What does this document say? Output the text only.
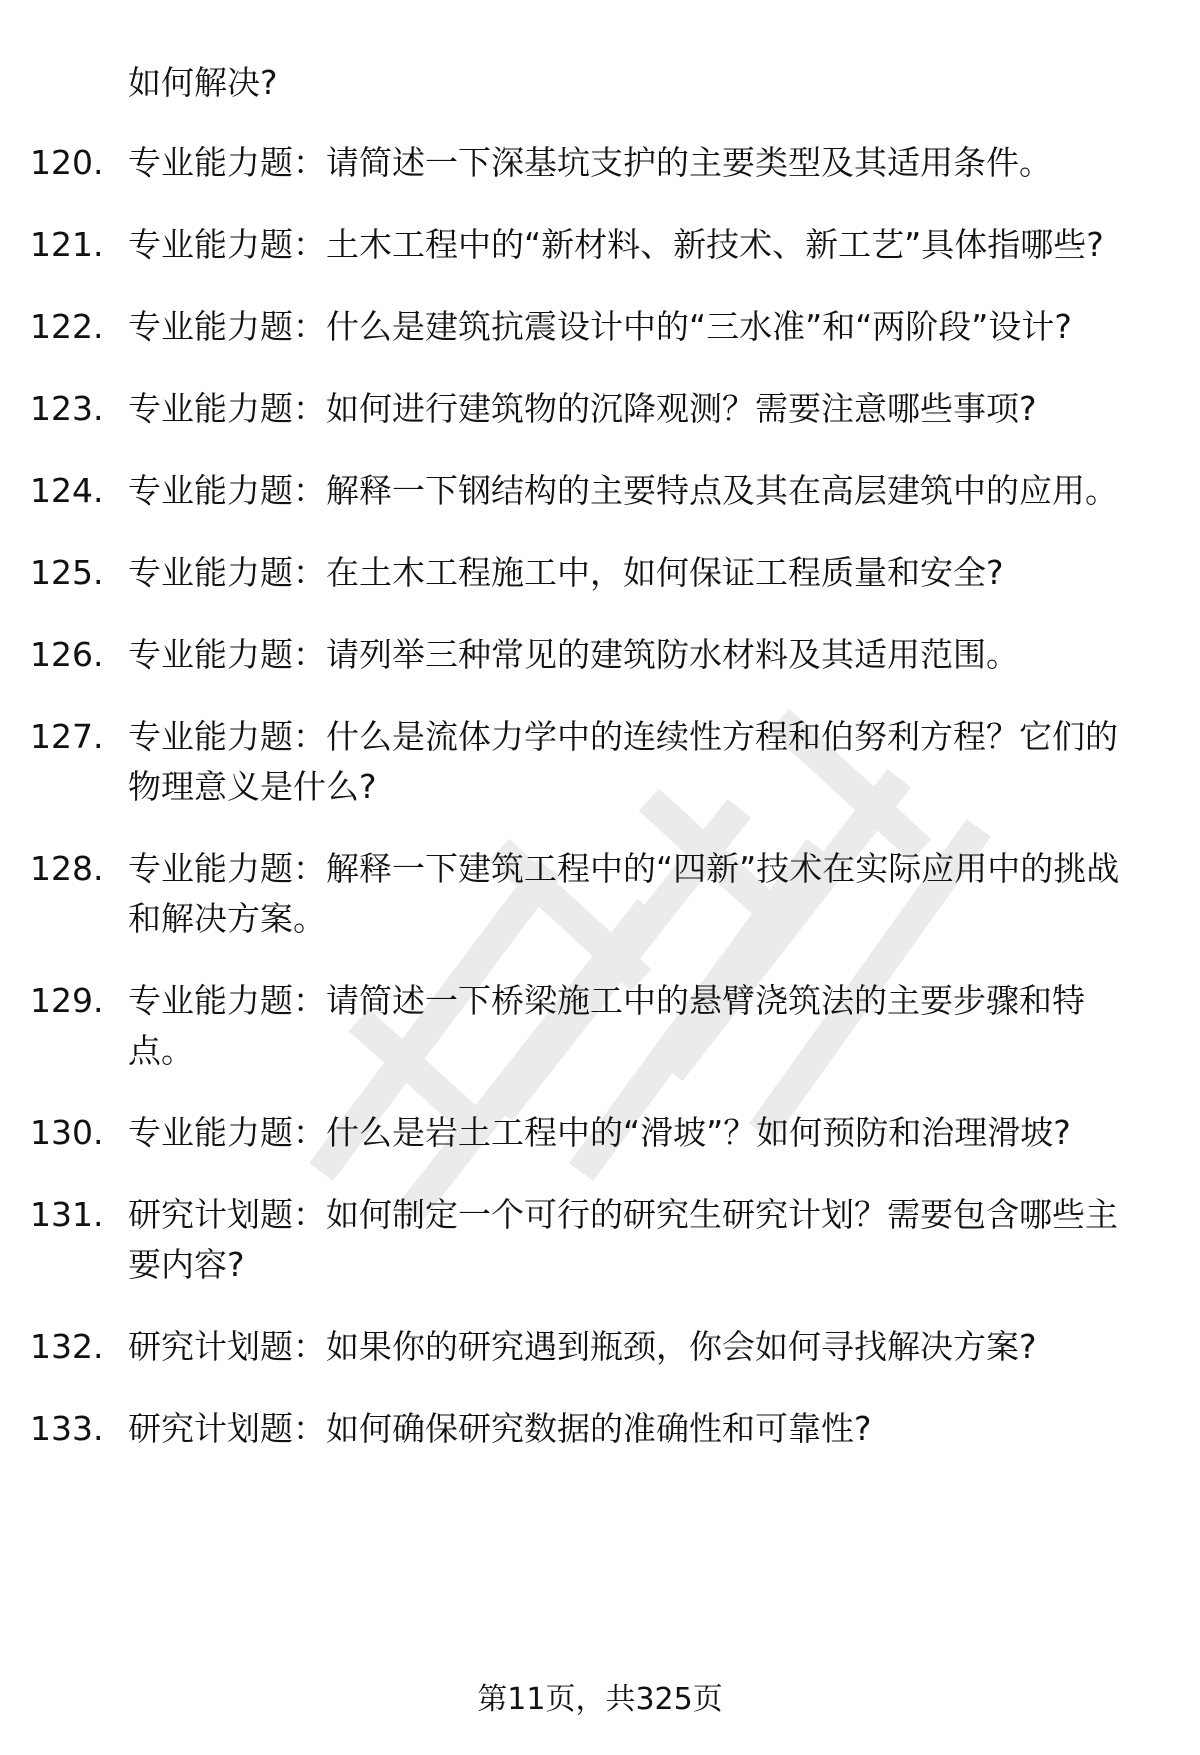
如何解决?
120. 专业能力题：请简述一下深基坑支护的主要类型及其适用条件。
121. 专业能力题：土木工程中的“新材料、新技术、新工艺”具体指哪些?
122. 专业能力题：什么是建筑抗震设计中的“三水准”和“两阶段”设计?
123. 专业能力题：如何进行建筑物的沉降观测？需要注意哪些事项?
124. 专业能力题：解释一下钢结构的主要特点及其在高层建筑中的应用。
125. 专业能力题：在土木工程施工中，如何保证工程质量和安全?
126. 专业能力题：请列举三种常见的建筑防水材料及其适用范围。
127. 专业能力题：什么是流体力学中的连续性方程和伯努利方程？它们的物理意义是什么?
128. 专业能力题：解释一下建筑工程中的“四新”技术在实际应用中的挑战和解决方案。
129. 专业能力题：请简述一下桥梁施工中的悬臂浇筑法的主要步骤和特点。
130. 专业能力题：什么是岩土工程中的“滑坡”？如何预防和治理滑坡?
131. 研究计划题：如何制定一个可行的研究生研究计划？需要包含哪些主要内容?
132. 研究计划题：如果你的研究遇到瓶颈，你会如何寻找解决方案?
133. 研究计划题：如何确保研究数据的准确性和可靠性?
第11页，共325页
